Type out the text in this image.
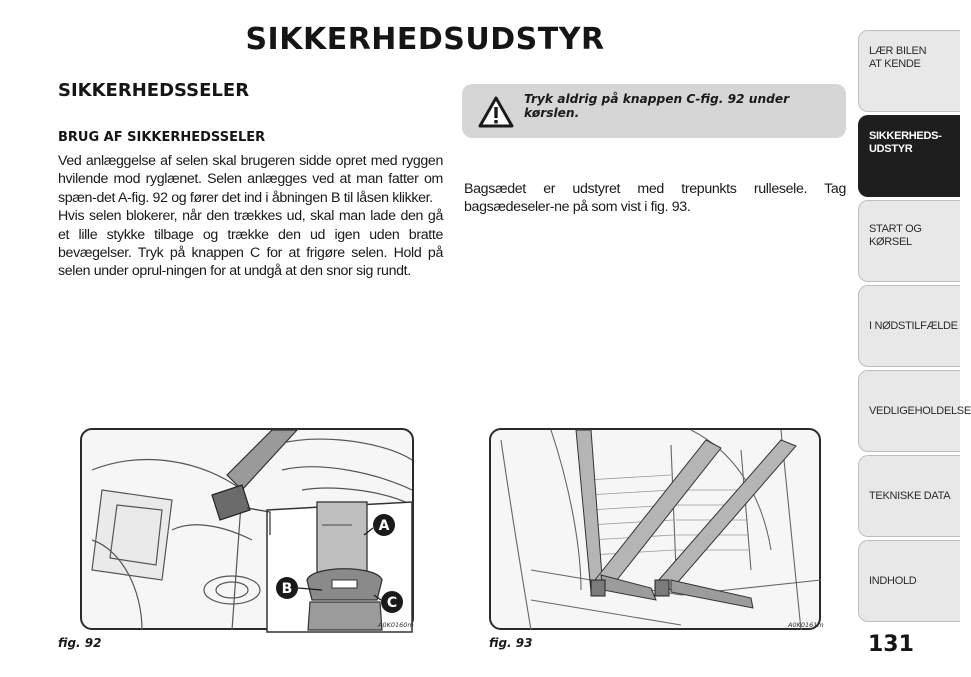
SIKKERHEDSUDSTYR
SIKKERHEDSSELER
BRUG AF SIKKERHEDSSELER

Ved anlæggelse af selen skal brugeren sidde opret med ryggen hvilende mod ryglænet. Selen anlægges ved at man fatter om spæn-det A-fig. 92 og fører det ind i åbningen B til låsen klikker.

Hvis selen blokerer, når den trækkes ud, skal man lade den gå et lille stykke tilbage og trække den ud igen uden bratte bevægelser. Tryk på knappen C for at frigøre selen. Hold på selen under oprul-ningen for at undgå at den snor sig rundt.

Tryk aldrig på knappen C-fig. 92 under kørslen.
Bagsædet er udstyret med trepunkts rullesele. Tag bagsædeseler-ne på som vist i fig. 93.
A
B
C
fig. 92
A0K0160m
fig. 93
A0K0161m
131
LÆR BILEN AT KENDE
SIKKERHEDS-UDSTYR
START OG KØRSEL
I NØDSTILFÆLDE
VEDLIGEHOLDELSE
TEKNISKE DATA
INDHOLD
